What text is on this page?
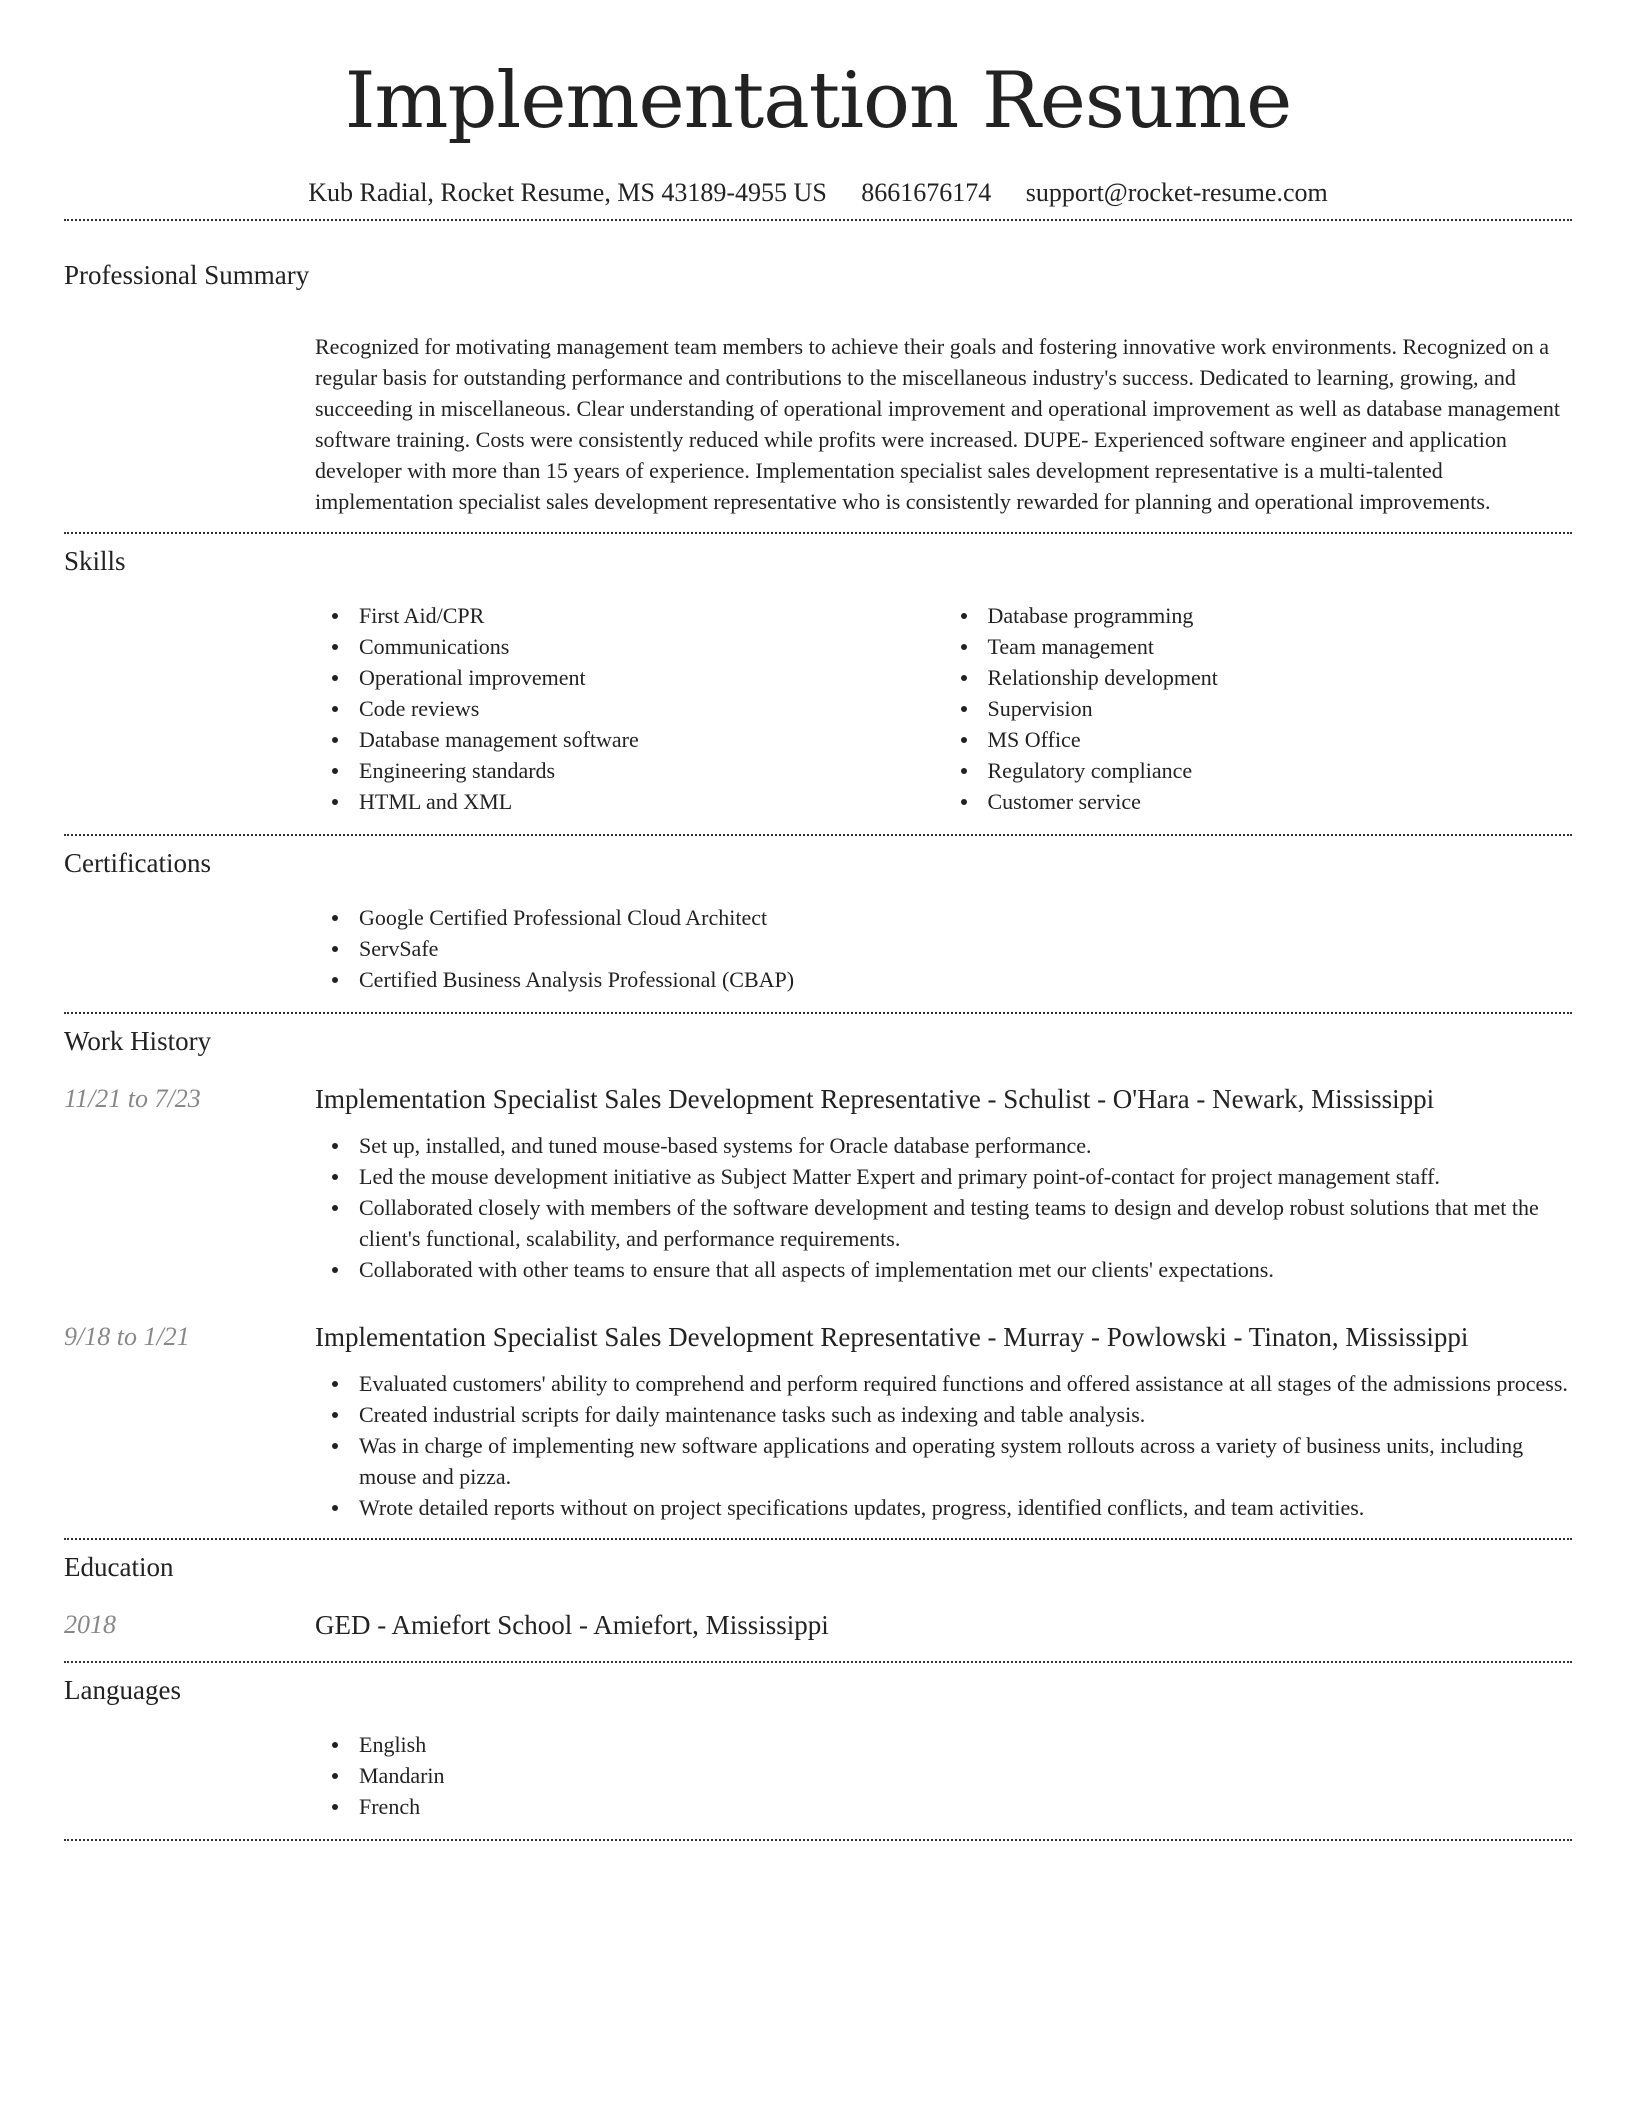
Implementation Resume
Kub Radial, Rocket Resume, MS 43189-4955 US 8661676174 support@rocket-resume.com
Professional Summary

Recognized for motivating management team members to achieve their goals and fostering innovative work environments. Recognized on a regular basis for outstanding performance and contributions to the miscellaneous industry's success. Dedicated to learning, growing, and succeeding in miscellaneous. Clear understanding of operational improvement and operational improvement as well as database management software training. Costs were consistently reduced while profits were increased. DUPE- Experienced software engineer and application developer with more than 15 years of experience. Implementation specialist sales development representative is a multi-talented implementation specialist sales development representative who is consistently rewarded for planning and operational improvements.

Skills
First Aid/CPR
Communications
Operational improvement
Code reviews
Database management software
Engineering standards
HTML and XML
Database programming
Team management
Relationship development
Supervision
MS Office
Regulatory compliance
Customer service
Certifications
Google Certified Professional Cloud Architect
ServSafe
Certified Business Analysis Professional (CBAP)
Work History
11/21 to 7/23	Implementation Specialist Sales Development Representative - Schulist - O'Hara - Newark, Mississippi
Set up, installed, and tuned mouse-based systems for Oracle database performance.
Led the mouse development initiative as Subject Matter Expert and primary point-of-contact for project management staff.
Collaborated closely with members of the software development and testing teams to design and develop robust solutions that met the client's functional, scalability, and performance requirements.
Collaborated with other teams to ensure that all aspects of implementation met our clients' expectations.
9/18 to 1/21	Implementation Specialist Sales Development Representative - Murray - Powlowski - Tinaton, Mississippi
Evaluated customers' ability to comprehend and perform required functions and offered assistance at all stages of the admissions process.
Created industrial scripts for daily maintenance tasks such as indexing and table analysis.
Was in charge of implementing new software applications and operating system rollouts across a variety of business units, including mouse and pizza.
Wrote detailed reports without on project specifications updates, progress, identified conflicts, and team activities.
Education
2018	GED - Amiefort School - Amiefort, Mississippi
Languages
English
Mandarin
French
